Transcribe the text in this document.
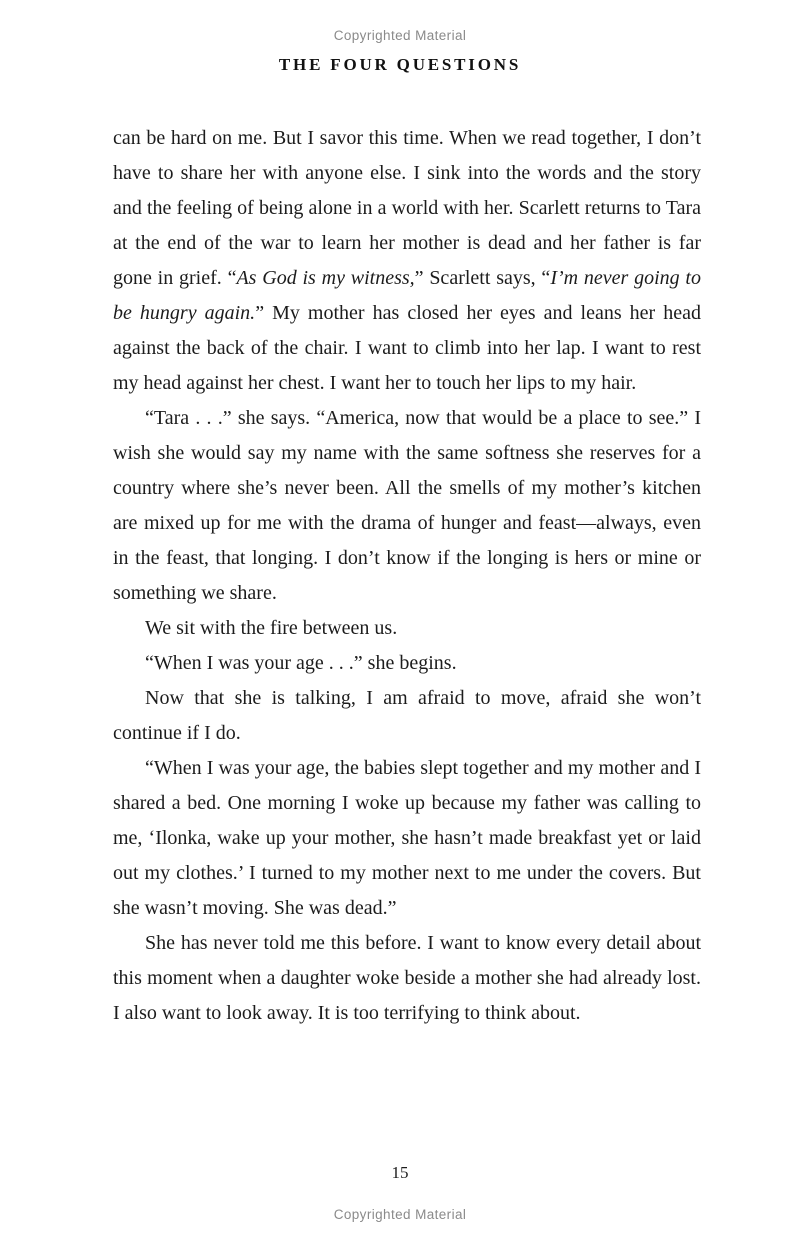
Copyrighted Material
THE FOUR QUESTIONS

can be hard on me. But I savor this time. When we read together, I don’t have to share her with anyone else. I sink into the words and the story and the feeling of being alone in a world with her. Scarlett returns to Tara at the end of the war to learn her mother is dead and her father is far gone in grief. “As God is my witness,” Scarlett says, “I’m never going to be hungry again.” My mother has closed her eyes and leans her head against the back of the chair. I want to climb into her lap. I want to rest my head against her chest. I want her to touch her lips to my hair.

“Tara . . .” she says. “America, now that would be a place to see.” I wish she would say my name with the same softness she reserves for a country where she’s never been. All the smells of my mother’s kitchen are mixed up for me with the drama of hunger and feast—always, even in the feast, that longing. I don’t know if the longing is hers or mine or something we share.

We sit with the fire between us.

“When I was your age . . .” she begins.

Now that she is talking, I am afraid to move, afraid she won’t continue if I do.

“When I was your age, the babies slept together and my mother and I shared a bed. One morning I woke up because my father was calling to me, ‘Ilonka, wake up your mother, she hasn’t made breakfast yet or laid out my clothes.’ I turned to my mother next to me under the covers. But she wasn’t moving. She was dead.”

She has never told me this before. I want to know every detail about this moment when a daughter woke beside a mother she had already lost. I also want to look away. It is too terrifying to think about.

15
Copyrighted Material
